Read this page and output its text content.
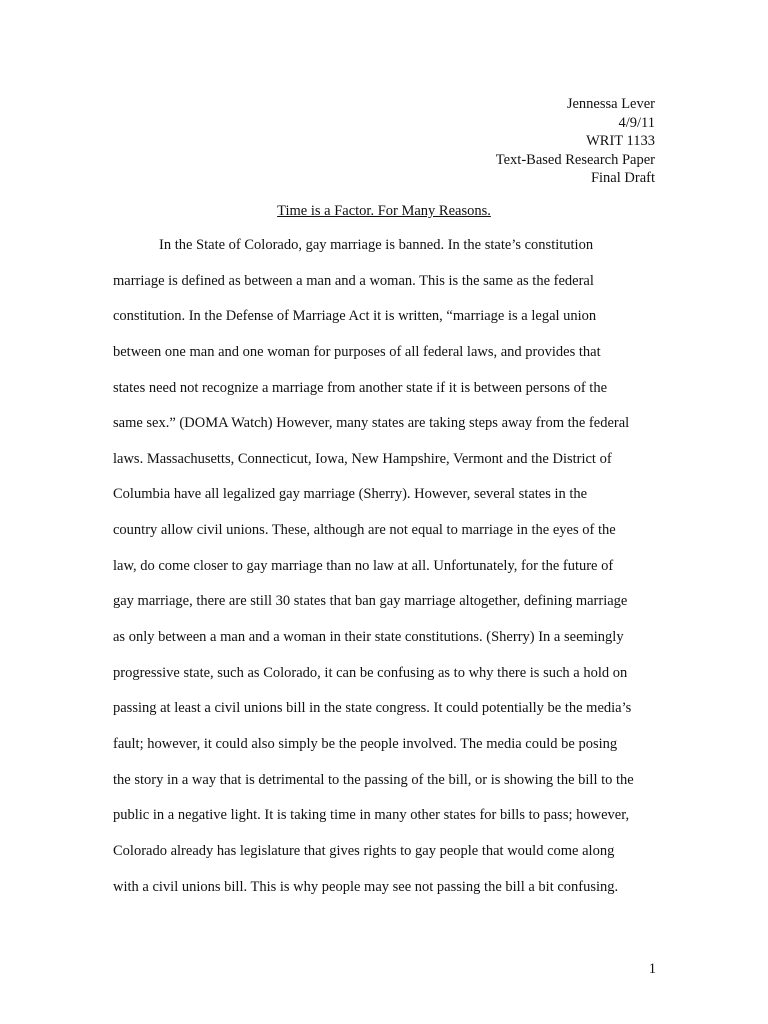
Jennessa Lever
4/9/11
WRIT 1133
Text-Based Research Paper
Final Draft
Time is a Factor. For Many Reasons.
In the State of Colorado, gay marriage is banned. In the state’s constitution
marriage is defined as between a man and a woman. This is the same as the federal
constitution. In the Defense of Marriage Act it is written, “marriage is a legal union
between one man and one woman for purposes of all federal laws, and provides that
states need not recognize a marriage from another state if it is between persons of the
same sex.” (DOMA Watch) However, many states are taking steps away from the federal
laws. Massachusetts, Connecticut, Iowa, New Hampshire, Vermont and the District of
Columbia have all legalized gay marriage (Sherry). However, several states in the
country allow civil unions. These, although are not equal to marriage in the eyes of the
law, do come closer to gay marriage than no law at all. Unfortunately, for the future of
gay marriage, there are still 30 states that ban gay marriage altogether, defining marriage
as only between a man and a woman in their state constitutions. (Sherry) In a seemingly
progressive state, such as Colorado, it can be confusing as to why there is such a hold on
passing at least a civil unions bill in the state congress. It could potentially be the media’s
fault; however, it could also simply be the people involved. The media could be posing
the story in a way that is detrimental to the passing of the bill, or is showing the bill to the
public in a negative light. It is taking time in many other states for bills to pass; however,
Colorado already has legislature that gives rights to gay people that would come along
with a civil unions bill. This is why people may see not passing the bill a bit confusing.
1
